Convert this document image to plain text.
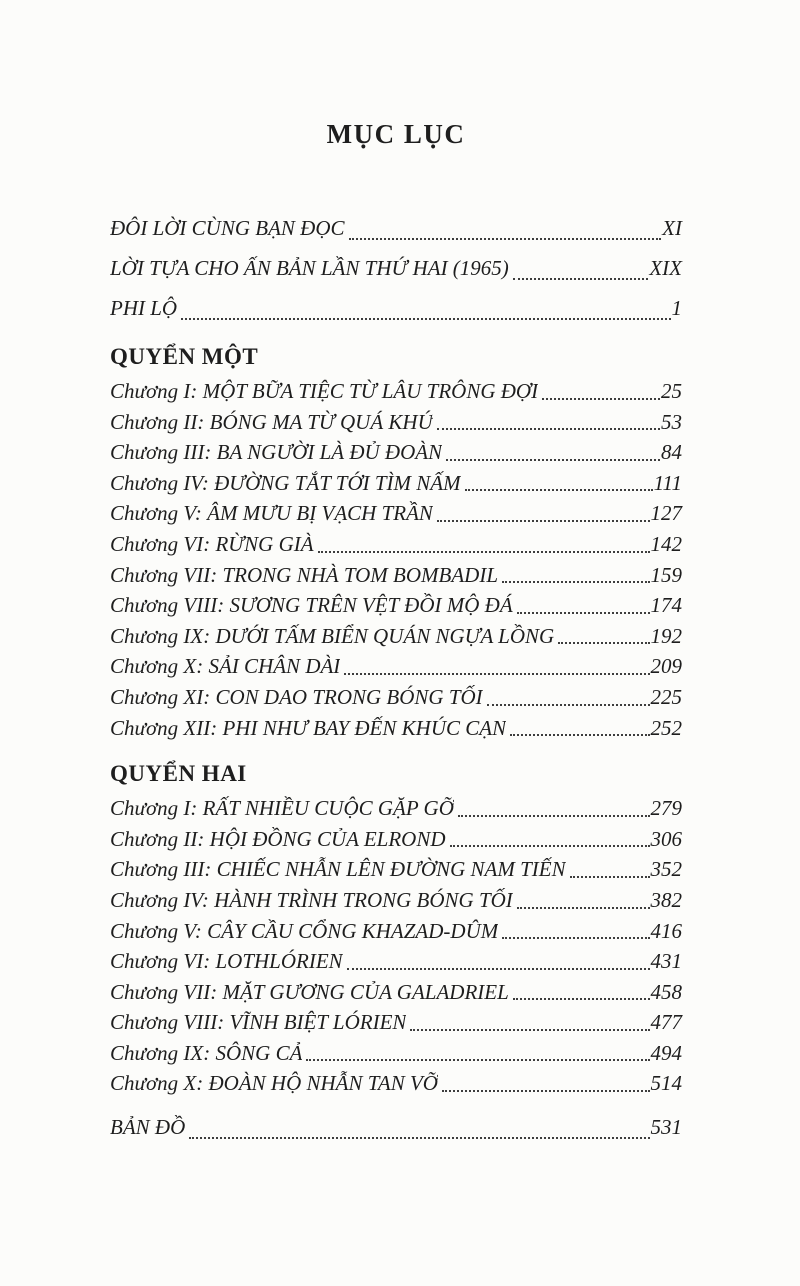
MỤC LỤC
ĐÔI LỜI CÙNG BẠN ĐỌC	XI
LỜI TỰA CHO ẤN BẢN LẦN THỨ HAI (1965)	XIX
PHI LỘ	1
QUYỂN MỘT
Chương I: MỘT BỮA TIỆC TỪ LÂU TRÔNG ĐỢI	25
Chương II: BÓNG MA TỪ QUÁ KHỨ	53
Chương III: BA NGƯỜI LÀ ĐỦ ĐOÀN	84
Chương IV: ĐƯỜNG TẮT TỚI TÌM NẤM	111
Chương V: ÂM MƯU BỊ VẠCH TRẦN	127
Chương VI: RỪNG GIÀ	142
Chương VII: TRONG NHÀ TOM BOMBADIL	159
Chương VIII: SƯƠNG TRÊN VỆT ĐỒI MỘ ĐÁ	174
Chương IX: DƯỚI TẤM BIỂN QUÁN NGỰA LỒNG	192
Chương X: SẢI CHÂN DÀI	209
Chương XI: CON DAO TRONG BÓNG TỐI	225
Chương XII: PHI NHƯ BAY ĐẾN KHÚC CẠN	252
QUYỂN HAI
Chương I: RẤT NHIỀU CUỘC GẶP GỠ	279
Chương II: HỘI ĐỒNG CỦA ELROND	306
Chương III: CHIẾC NHẪN LÊN ĐƯỜNG NAM TIẾN	352
Chương IV: HÀNH TRÌNH TRONG BÓNG TỐI	382
Chương V: CÂY CẦU CỔNG KHAZAD-DÛM	416
Chương VI: LOTHLÓRIEN	431
Chương VII: MẶT GƯƠNG CỦA GALADRIEL	458
Chương VIII: VĨNH BIỆT LÓRIEN	477
Chương IX: SÔNG CẢ	494
Chương X: ĐOÀN HỘ NHẪN TAN VỠ	514
BẢN ĐỒ	531
